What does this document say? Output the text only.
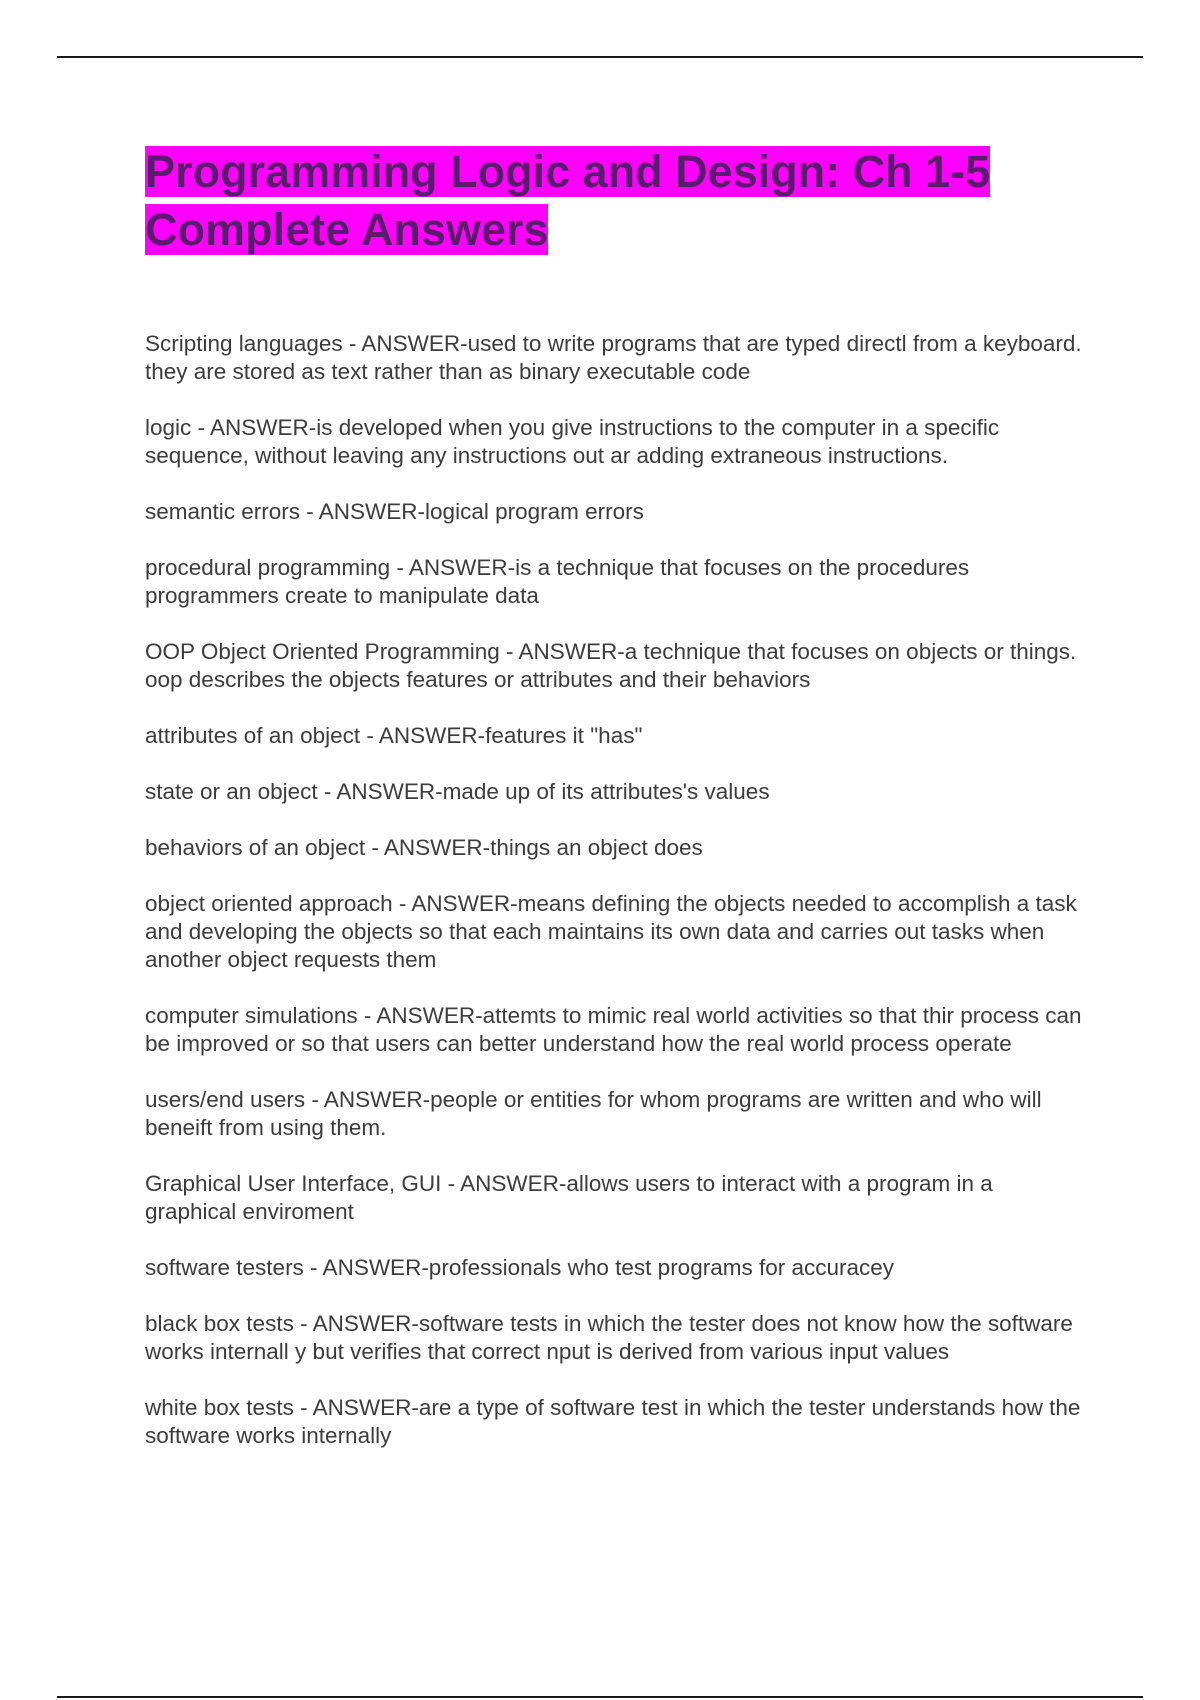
Programming Logic and Design: Ch 1-5 Complete Answers

Scripting languages - ANSWER-used to write programs that are typed directl from a keyboard. they are stored as text rather than as binary executable code

logic - ANSWER-is developed when you give instructions to the computer in a specific sequence, without leaving any instructions out ar adding extraneous instructions.

semantic errors - ANSWER-logical program errors

procedural programming - ANSWER-is a technique that focuses on the procedures programmers create to manipulate data

OOP Object Oriented Programming - ANSWER-a technique that focuses on objects or things. oop describes the objects features or attributes and their behaviors

attributes of an object - ANSWER-features it "has"

state or an object - ANSWER-made up of its attributes's values

behaviors of an object - ANSWER-things an object does

object oriented approach - ANSWER-means defining the objects needed to accomplish a task and developing the objects so that each maintains its own data and carries out tasks when another object requests them

computer simulations - ANSWER-attemts to mimic real world activities so that thir process can be improved or so that users can better understand how the real world process operate

users/end users - ANSWER-people or entities for whom programs are written and who will beneift from using them.

Graphical User Interface, GUI - ANSWER-allows users to interact with a program in a graphical enviroment

software testers - ANSWER-professionals who test programs for accuracey

black box tests - ANSWER-software tests in which the tester does not know how the software works internall y but verifies that correct nput is derived from various input values

white box tests - ANSWER-are a type of software test in which the tester understands how the software works internally
